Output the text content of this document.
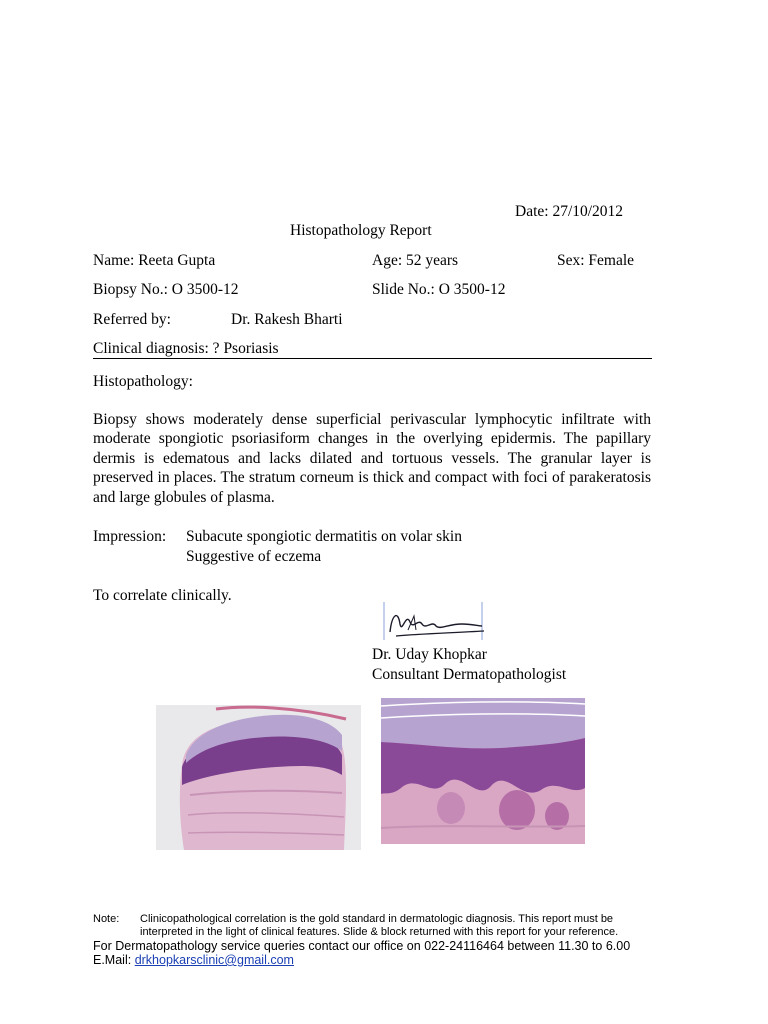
Date: 27/10/2012
Histopathology Report
Name: Reeta Gupta	Age: 52 years	Sex: Female
Biopsy No.: O 3500-12	Slide No.: O 3500-12
Referred by:	Dr. Rakesh Bharti
Clinical diagnosis: ? Psoriasis
Histopathology:
Biopsy shows moderately dense superficial perivascular lymphocytic infiltrate with moderate spongiotic psoriasiform changes in the overlying epidermis. The papillary dermis is edematous and lacks dilated and tortuous vessels. The granular layer is preserved in places. The stratum corneum is thick and compact with foci of parakeratosis and large globules of plasma.
Impression: Subacute spongiotic dermatitis on volar skin
Suggestive of eczema
To correlate clinically.
Dr. Uday Khopkar
Consultant Dermatopathologist
Note: Clinicopathological correlation is the gold standard in dermatologic diagnosis. This report must be
interpreted in the light of clinical features. Slide & block returned with this report for your reference.
For Dermatopathology service queries contact our office on 022-24116464 between 11.30 to 6.00
E.Mail: drkhopkarsclinic@gmail.com
